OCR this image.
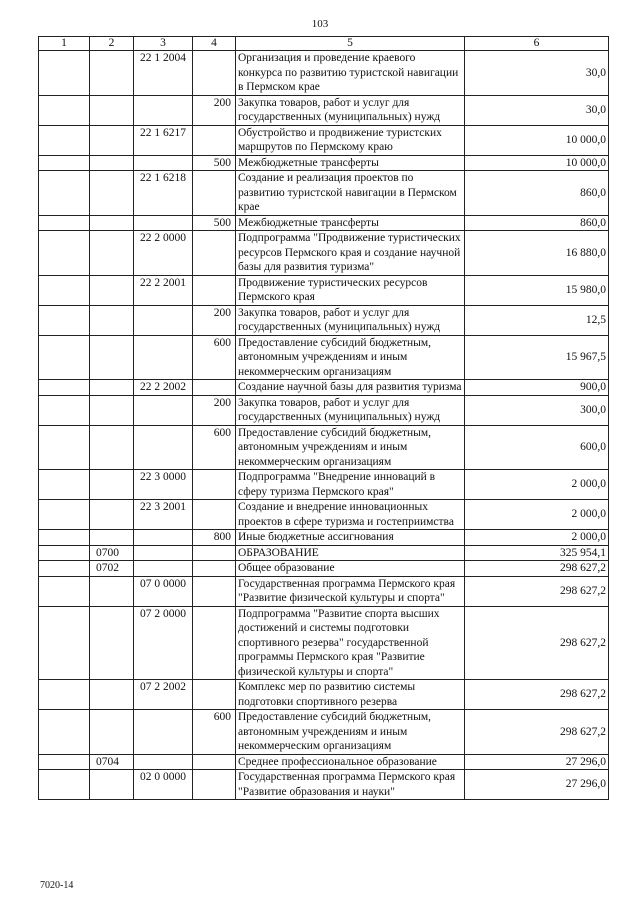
103
1	2	3	4	5	6
		22 1 2004		Организация и проведение краевого конкурса по развитию туристской навигации в Пермском крае	30,0
			200	Закупка товаров, работ и услуг для государственных (муниципальных) нужд	30,0
		22 1 6217		Обустройство и продвижение туристских маршрутов по Пермскому краю	10 000,0
			500	Межбюджетные трансферты	10 000,0
		22 1 6218		Создание и реализация проектов по развитию туристской навигации в Пермском крае	860,0
			500	Межбюджетные трансферты	860,0
		22 2 0000		Подпрограмма "Продвижение туристических ресурсов Пермского края и создание научной базы для развития туризма"	16 880,0
		22 2 2001		Продвижение туристических ресурсов Пермского края	15 980,0
			200	Закупка товаров, работ и услуг для государственных (муниципальных) нужд	12,5
			600	Предоставление субсидий бюджетным, автономным учреждениям и иным некоммерческим организациям	15 967,5
		22 2 2002		Создание научной базы для развития туризма	900,0
			200	Закупка товаров, работ и услуг для государственных (муниципальных) нужд	300,0
			600	Предоставление субсидий бюджетным, автономным учреждениям и иным некоммерческим организациям	600,0
		22 3 0000		Подпрограмма "Внедрение инноваций в сферу туризма Пермского края"	2 000,0
		22 3 2001		Создание и внедрение инновационных проектов в сфере туризма и гостеприимства	2 000,0
			800	Иные бюджетные ассигнования	2 000,0
	0700			ОБРАЗОВАНИЕ	325 954,1
	0702			Общее образование	298 627,2
		07 0 0000		Государственная программа Пермского края "Развитие физической культуры и спорта"	298 627,2
		07 2 0000		Подпрограмма "Развитие спорта высших достижений и системы подготовки спортивного резерва" государственной программы Пермского края "Развитие физической культуры и спорта"	298 627,2
		07 2 2002		Комплекс мер по развитию системы подготовки спортивного резерва	298 627,2
			600	Предоставление субсидий бюджетным, автономным учреждениям и иным некоммерческим организациям	298 627,2
	0704			Среднее профессиональное образование	27 296,0
		02 0 0000		Государственная программа Пермского края "Развитие образования и науки"	27 296,0
7020-14
